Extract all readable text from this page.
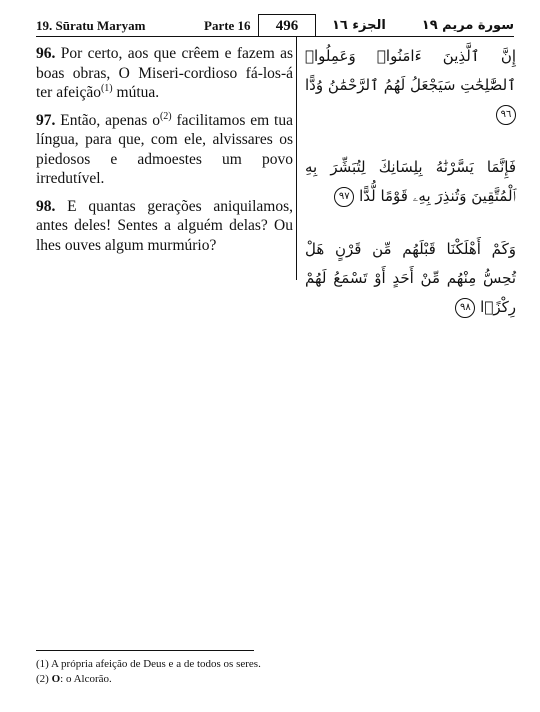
19. Sūratu Maryam	Parte 16	496	الجزء ١٦	سورة مريم ١٩

96. Por certo, aos que crêem e fazem as boas obras, O Miseri-cordioso fá-los-á ter afeição$^{(1)}$ mútua.

97. Então, apenas $o^{(2)}$ facilitamos em tua língua, para que, com ele, alvissares os piedosos e admoestes um povo irredutível.

98. E quantas gerações aniquilamos, antes deles! Sentes a alguém delas? Ou lhes ouves algum murmúrio?

إِنَّ ٱلَّذِينَ ءَامَنُوا۟ وَعَمِلُوا۟ ٱلصَّٰلِحَٰتِ سَيَجْعَلُ لَهُمُ ٱلرَّحْمَٰنُ وُدًّا ٩٦

فَإِنَّمَا يَسَّرْنَٰهُ بِلِسَانِكَ لِتُبَشِّرَ بِهِ ٱلْمُتَّقِينَ وَتُنذِرَ بِهِۦ قَوْمًا لُّدًّا ٩٧

وَكَمْ أَهْلَكْنَا قَبْلَهُم مِّن قَرْنٍ هَلْ تُحِسُّ مِنْهُم مِّنْ أَحَدٍ أَوْ تَسْمَعُ لَهُمْ رِكْزًۢا ٩٨

(1) A própria afeição de Deus e a de todos os seres.
(2) O: o Alcorão.
